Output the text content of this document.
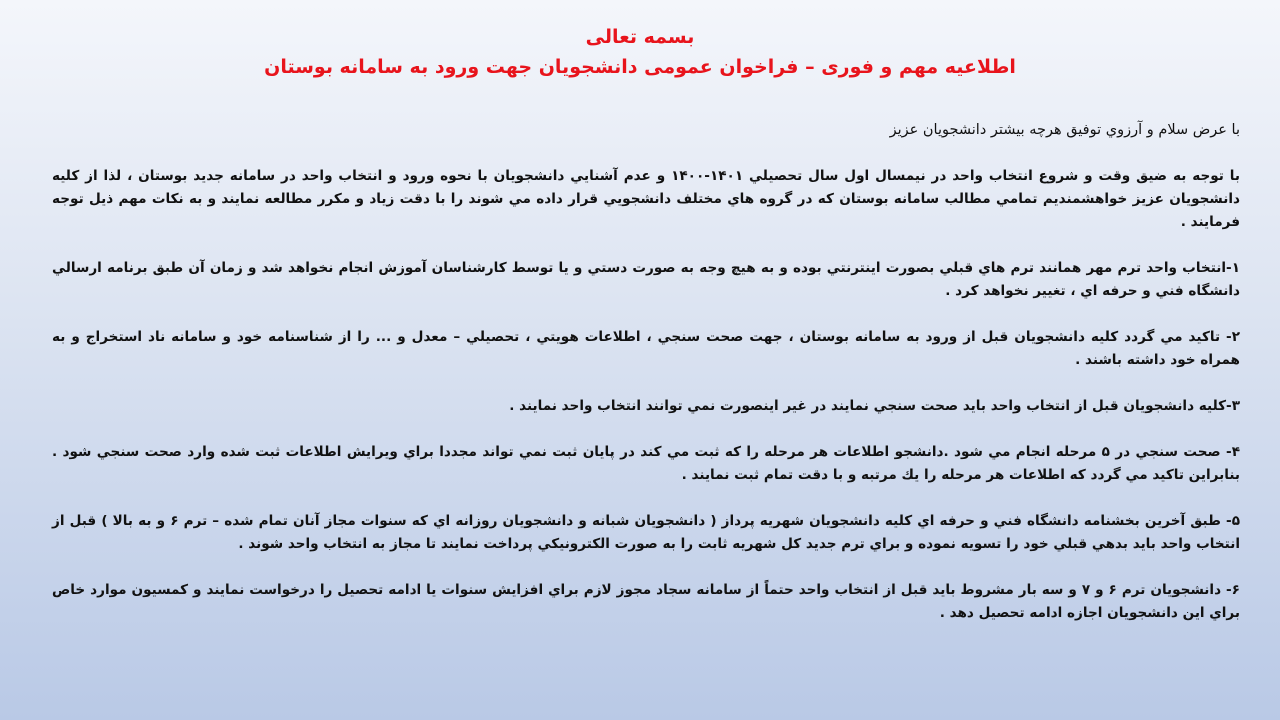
بسمه تعالی
اطلاعیه مهم و فوری – فراخوان عمومی دانشجویان جهت ورود به سامانه بوستان

با عرض سلام و آرزوي توفيق هرچه بيشتر دانشجويان عزيز

با توجه به ضيق وقت و شروع انتخاب واحد در نيمسال اول سال تحصيلي ۱۴۰۱-۱۴۰۰ و عدم آشنايي دانشجويان با نحوه ورود و انتخاب واحد در سامانه جديد بوستان ، لذا از كليه دانشجويان عزيز خواهشمنديم تمامي مطالب سامانه بوستان كه در گروه هاي مختلف دانشجويي قرار داده مي شوند را با دقت زياد و مكرر مطالعه نمايند و به نكات مهم ذيل توجه فرمايند .

۱-انتخاب واحد ترم مهر همانند ترم هاي قبلي بصورت اينترنتي بوده و به هيچ وجه به صورت دستي و يا توسط كارشناسان آموزش انجام نخواهد شد و زمان آن طبق برنامه ارسالي دانشگاه فني و حرفه اي ، تغيير نخواهد كرد .

۲- تاكيد مي گردد كليه دانشجويان قبل از ورود به سامانه بوستان ، جهت صحت سنجي ، اطلاعات هويتي ، تحصيلي – معدل و ... را از شناسنامه خود و سامانه ناد استخراج و به همراه خود داشته باشند .

۳-كليه دانشجويان قبل از انتخاب واحد بايد صحت سنجي نمايند در غير اينصورت نمي توانند انتخاب واحد نمايند .

۴- صحت سنجي در ۵ مرحله انجام مي شود .دانشجو اطلاعات هر مرحله را كه ثبت مي كند در پايان ثبت نمي تواند مجددا براي ويرايش اطلاعات ثبت شده وارد صحت سنجي شود . بنابراين تاكيد مي گردد كه اطلاعات هر مرحله را يك مرتبه و با دقت تمام ثبت نمايند .

۵- طبق آخرين بخشنامه دانشگاه فني و حرفه اي كليه دانشجويان شهريه پرداز ( دانشجويان شبانه و دانشجويان روزانه اي كه سنوات مجاز آنان تمام شده – ترم ۶ و به بالا ) قبل از انتخاب واحد بايد بدهي قبلي خود را تسويه نموده و براي ترم جديد كل شهريه ثابت را به صورت الكترونيكي پرداخت نمايند تا مجاز به انتخاب واحد شوند .

۶- دانشجويان ترم ۶ و ۷ و سه بار مشروط بايد قبل از انتخاب واحد حتماً از سامانه سجاد مجوز لازم براي افزايش سنوات يا ادامه تحصيل را درخواست نمايند و كمسيون موارد خاص براي اين دانشجويان اجازه ادامه تحصيل دهد .
